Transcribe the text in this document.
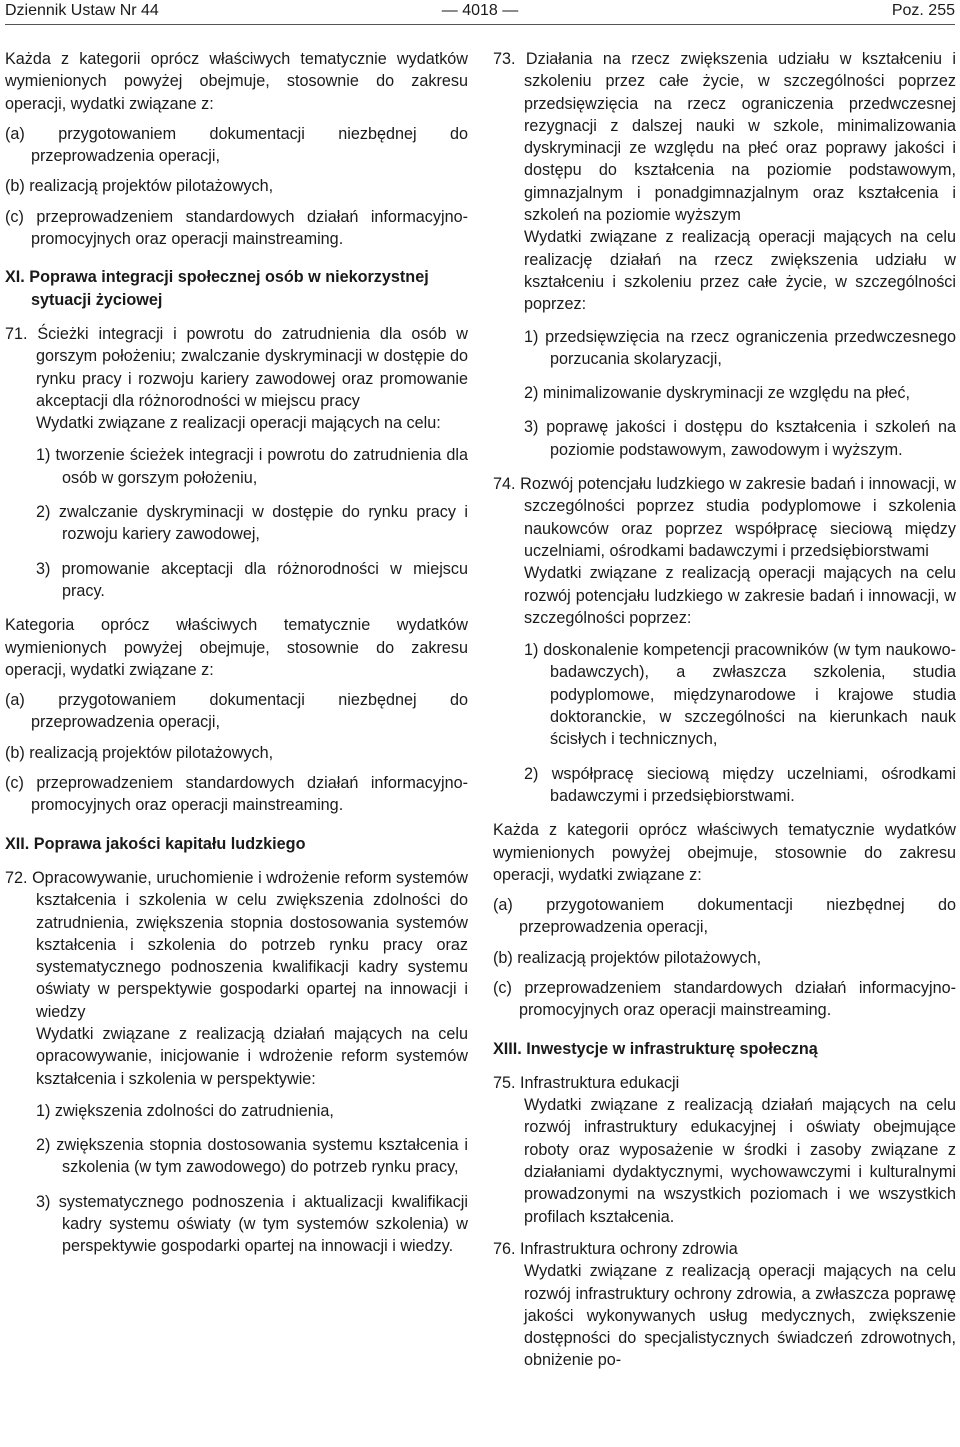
Dziennik Ustaw Nr 44	— 4018 —	Poz. 255

Każda z kategorii oprócz właściwych tematycznie wydatków wymienionych powyżej obejmuje, stosownie do zakresu operacji, wydatki związane z:

(a) przygotowaniem dokumentacji niezbędnej do przeprowadzenia operacji,
(b) realizacją projektów pilotażowych,
(c) przeprowadzeniem standardowych działań informacyjno-promocyjnych oraz operacji mainstreaming.
XI. Poprawa integracji społecznej osób w niekorzystnej sytuacji życiowej

71. Ścieżki integracji i powrotu do zatrudnienia dla osób w gorszym położeniu; zwalczanie dyskryminacji w dostępie do rynku pracy i rozwoju kariery zawodowej oraz promowanie akceptacji dla różnorodności w miejscu pracy

Wydatki związane z realizacji operacji mających na celu:

1) tworzenie ścieżek integracji i powrotu do zatrudnienia dla osób w gorszym położeniu,
2) zwalczanie dyskryminacji w dostępie do rynku pracy i rozwoju kariery zawodowej,
3) promowanie akceptacji dla różnorodności w miejscu pracy.

Kategoria oprócz właściwych tematycznie wydatków wymienionych powyżej obejmuje, stosownie do zakresu operacji, wydatki związane z:

(a) przygotowaniem dokumentacji niezbędnej do przeprowadzenia operacji,
(b) realizacją projektów pilotażowych,
(c) przeprowadzeniem standardowych działań informacyjno-promocyjnych oraz operacji mainstreaming.
XII. Poprawa jakości kapitału ludzkiego

72. Opracowywanie, uruchomienie i wdrożenie reform systemów kształcenia i szkolenia w celu zwiększenia zdolności do zatrudnienia, zwiększenia stopnia dostosowania systemów kształcenia i szkolenia do potrzeb rynku pracy oraz systematycznego podnoszenia kwalifikacji kadry systemu oświaty w perspektywie gospodarki opartej na innowacji i wiedzy

Wydatki związane z realizacją działań mających na celu opracowywanie, inicjowanie i wdrożenie reform systemów kształcenia i szkolenia w perspektywie:

1) zwiększenia zdolności do zatrudnienia,
2) zwiększenia stopnia dostosowania systemu kształcenia i szkolenia (w tym zawodowego) do potrzeb rynku pracy,
3) systematycznego podnoszenia i aktualizacji kwalifikacji kadry systemu oświaty (w tym systemów szkolenia) w perspektywie gospodarki opartej na innowacji i wiedzy.

73. Działania na rzecz zwiększenia udziału w kształceniu i szkoleniu przez całe życie, w szczególności poprzez przedsięwzięcia na rzecz ograniczenia przedwczesnej rezygnacji z dalszej nauki w szkole, minimalizowania dyskryminacji ze względu na płeć oraz poprawy jakości i dostępu do kształcenia na poziomie podstawowym, gimnazjalnym i ponadgimnazjalnym oraz kształcenia i szkoleń na poziomie wyższym

Wydatki związane z realizacją operacji mających na celu realizację działań na rzecz zwiększenia udziału w kształceniu i szkoleniu przez całe życie, w szczególności poprzez:

1) przedsięwzięcia na rzecz ograniczenia przedwczesnego porzucania skolaryzacji,
2) minimalizowanie dyskryminacji ze względu na płeć,
3) poprawę jakości i dostępu do kształcenia i szkoleń na poziomie podstawowym, zawodowym i wyższym.

74. Rozwój potencjału ludzkiego w zakresie badań i innowacji, w szczególności poprzez studia podyplomowe i szkolenia naukowców oraz poprzez współpracę sieciową między uczelniami, ośrodkami badawczymi i przedsiębiorstwami

Wydatki związane z realizacją operacji mających na celu rozwój potencjału ludzkiego w zakresie badań i innowacji, w szczególności poprzez:

1) doskonalenie kompetencji pracowników (w tym naukowo-badawczych), a zwłaszcza szkolenia, studia podyplomowe, międzynarodowe i krajowe studia doktoranckie, w szczególności na kierunkach nauk ścisłych i technicznych,
2) współpracę sieciową między uczelniami, ośrodkami badawczymi i przedsiębiorstwami.

Każda z kategorii oprócz właściwych tematycznie wydatków wymienionych powyżej obejmuje, stosownie do zakresu operacji, wydatki związane z:

(a) przygotowaniem dokumentacji niezbędnej do przeprowadzenia operacji,
(b) realizacją projektów pilotażowych,
(c) przeprowadzeniem standardowych działań informacyjno-promocyjnych oraz operacji mainstreaming.
XIII. Inwestycje w infrastrukturę społeczną

75. Infrastruktura edukacji

Wydatki związane z realizacją działań mających na celu rozwój infrastruktury edukacyjnej i oświaty obejmujące roboty oraz wyposażenie w środki i zasoby związane z działaniami dydaktycznymi, wychowawczymi i kulturalnymi prowadzonymi na wszystkich poziomach i we wszystkich profilach kształcenia.

76. Infrastruktura ochrony zdrowia

Wydatki związane z realizacją operacji mających na celu rozwój infrastruktury ochrony zdrowia, a zwłaszcza poprawę jakości wykonywanych usług medycznych, zwiększenie dostępności do specjalistycznych świadczeń zdrowotnych, obniżenie po-
